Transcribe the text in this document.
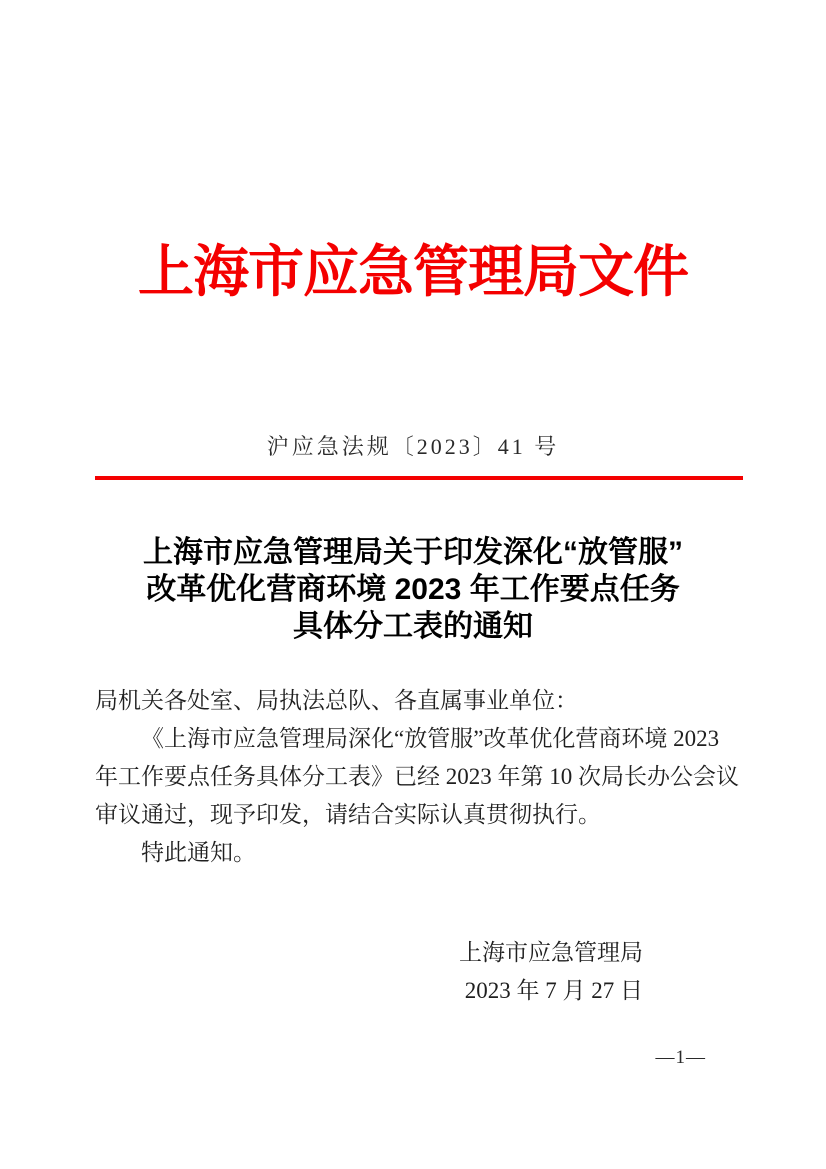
上海市应急管理局文件
沪应急法规〔2023〕41 号
上海市应急管理局关于印发深化“放管服”
改革优化营商环境 2023 年工作要点任务
具体分工表的通知
局机关各处室、局执法总队、各直属事业单位：
《上海市应急管理局深化“放管服”改革优化营商环境 2023
年工作要点任务具体分工表》已经 2023 年第 10 次局长办公会议
审议通过，现予印发，请结合实际认真贯彻执行。
特此通知。
上海市应急管理局
2023 年 7 月 27 日
—1—
